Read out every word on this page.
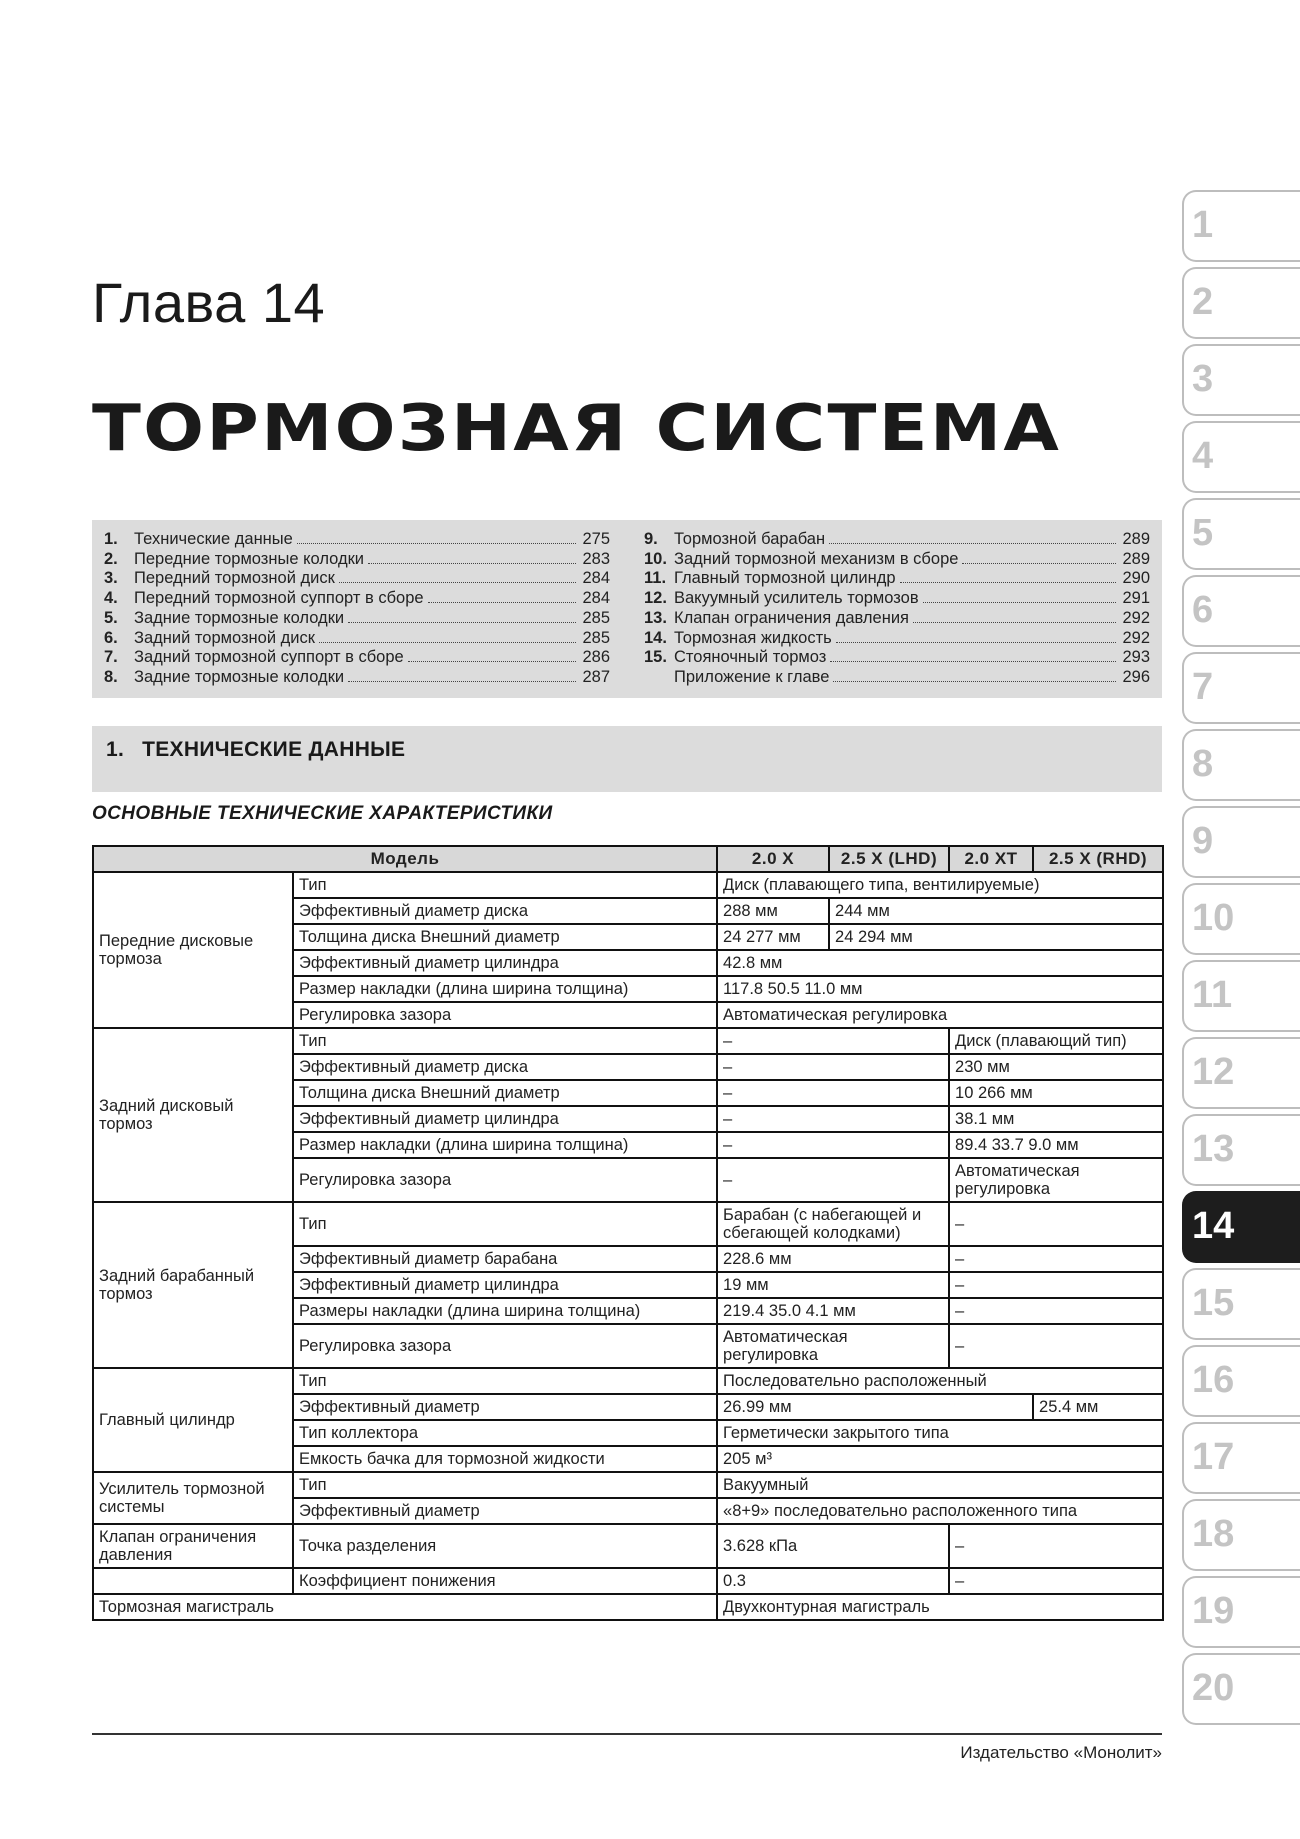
Глава 14
ТОРМОЗНАЯ СИСТЕМА
1. Технические данные	275
2. Передние тормозные колодки	283
3. Передний тормозной диск	284
4. Передний тормозной суппорт в сборе	284
5. Задние тормозные колодки	285
6. Задний тормозной диск	285
7. Задний тормозной суппорт в сборе	286
8. Задние тормозные колодки	287
9. Тормозной барабан	289
10. Задний тормозной механизм в сборе	289
11. Главный тормозной цилиндр	290
12. Вакуумный усилитель тормозов	291
13. Клапан ограничения давления	292
14. Тормозная жидкость	292
15. Стояночный тормоз	293
Приложение к главе	296
1. ТЕХНИЧЕСКИЕ ДАННЫЕ
ОСНОВНЫЕ ТЕХНИЧЕСКИЕ ХАРАКТЕРИСТИКИ
Модель		2.0 X	2.5 X (LHD)	2.0 XT	2.5 X (RHD)
Передние дисковые тормоза	Тип	Диск (плавающего типа, вентилируемые)			
	Эффективный диаметр диска	288 мм	244 мм		
	Толщина диска Внешний диаметр	24 277 мм	24 294 мм		
	Эффективный диаметр цилиндра	42.8 мм			
	Размер накладки (длина ширина толщина)	117.8 50.5 11.0 мм			
	Регулировка зазора	Автоматическая регулировка			
Задний дисковый тормоз	Тип	–		Диск (плавающий тип)	
	Эффективный диаметр диска	–		230 мм	
	Толщина диска Внешний диаметр	–		10 266 мм	
	Эффективный диаметр цилиндра	–		38.1 мм	
	Размер накладки (длина ширина толщина)	–		89.4 33.7 9.0 мм	
	Регулировка зазора	–		Автоматическая регулировка	
Задний барабанный тормоз	Тип	Барабан (с набегающей и сбегающей колодками)		–	
	Эффективный диаметр барабана	228.6 мм		–	
	Эффективный диаметр цилиндра	19 мм		–	
	Размеры накладки (длина ширина толщина)	219.4 35.0 4.1 мм		–	
	Регулировка зазора	Автоматическая регулировка		–	
Главный цилиндр	Тип	Последовательно расположенный			
	Эффективный диаметр	26.99 мм			25.4 мм
	Тип коллектора	Герметически закрытого типа			
	Емкость бачка для тормозной жидкости	205 м³			
Усилитель тормозной системы	Тип	Вакуумный			
	Эффективный диаметр	«8+9» последовательно расположенного типа			
Клапан ограничения давления	Точка разделения	3.628 кПа		–	
	Коэффициент понижения	0.3		–	
Тормозная магистраль		Двухконтурная магистраль			
1
2
3
4
5
6
7
8
9
10
11
12
13
14
15
16
17
18
19
20
Издательство «Монолит»
